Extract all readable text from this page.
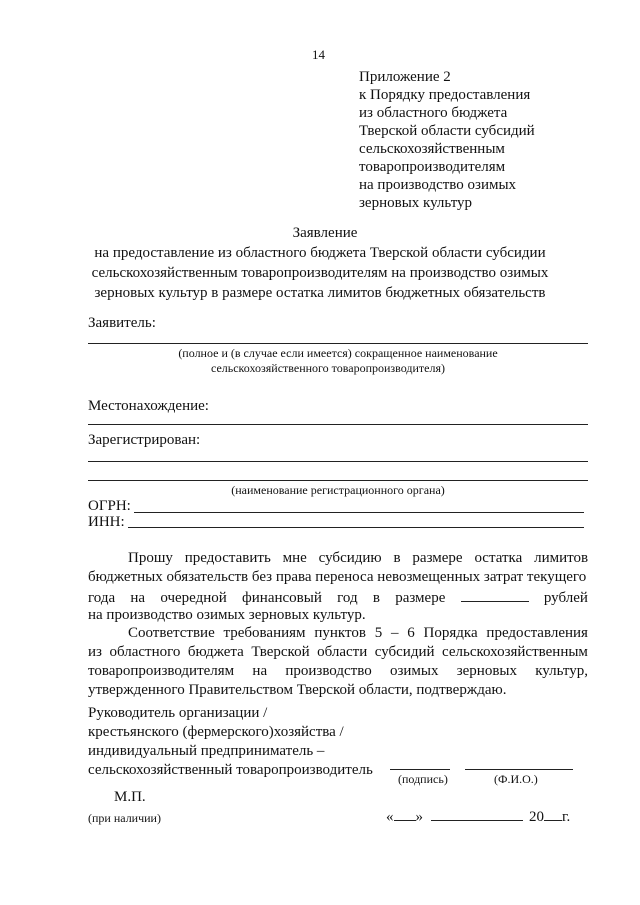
14
Приложение 2
к Порядку предоставления
из областного бюджета
Тверской области субсидий
сельскохозяйственным
товаропроизводителям
на производство озимых
зерновых культур
Заявление
на предоставление из областного бюджета Тверской области субсидии
сельскохозяйственным товаропроизводителям на производство озимых
зерновых культур в размере остатка лимитов бюджетных обязательств
Заявитель:
(полное и (в случае если имеется) сокращенное наименование
сельскохозяйственного товаропроизводителя)
Местонахождение:
Зарегистрирован:
(наименование регистрационного органа)
ОГРН:
ИНН:
Прошу предоставить мне субсидию в размере остатка лимитов
бюджетных обязательств без права переноса невозмещенных затрат текущего
года на очередной финансовый год в размере	рублей
на производство озимых зерновых культур.
Соответствие требованиям пунктов 5 – 6 Порядка предоставления
из областного бюджета Тверской области субсидий сельскохозяйственным
товаропроизводителям на производство озимых зерновых культур,
утвержденного Правительством Тверской области, подтверждаю.
Руководитель организации /
крестьянского (фермерского)хозяйства /
индивидуальный предприниматель –
сельскохозяйственный товаропроизводитель
(подпись)	(Ф.И.О.)
М.П.
(при наличии)	« »	20 г.
